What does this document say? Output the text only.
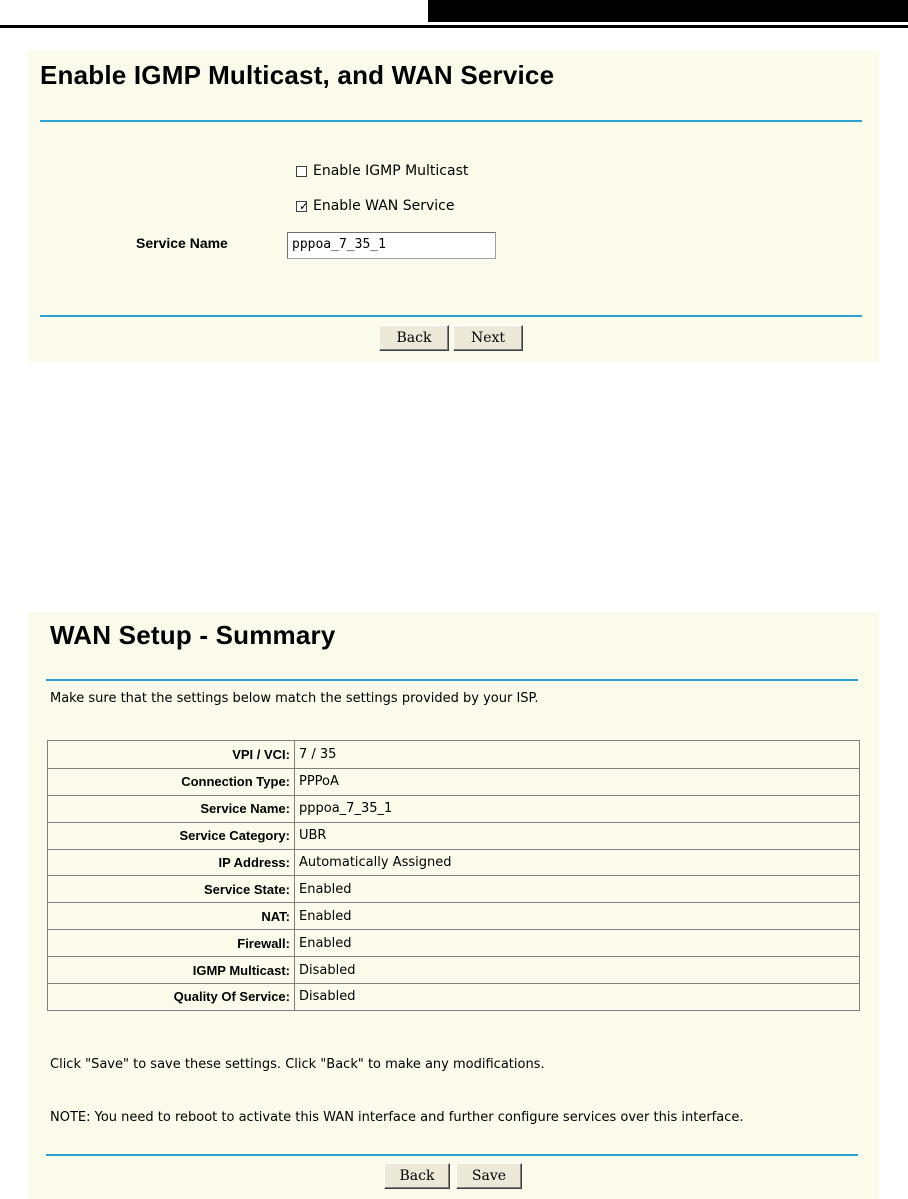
Enable IGMP Multicast, and WAN Service
Enable IGMP Multicast
✓ Enable WAN Service
Service Name	pppoa_7_35_1
Back	Next
WAN Setup - Summary
Make sure that the settings below match the settings provided by your ISP.
VPI / VCI:	7 / 35
Connection Type:	PPPoA
Service Name:	pppoa_7_35_1
Service Category:	UBR
IP Address:	Automatically Assigned
Service State:	Enabled
NAT:	Enabled
Firewall:	Enabled
IGMP Multicast:	Disabled
Quality Of Service:	Disabled
Click "Save" to save these settings. Click "Back" to make any modifications.
NOTE: You need to reboot to activate this WAN interface and further configure services over this interface.
Back	Save
